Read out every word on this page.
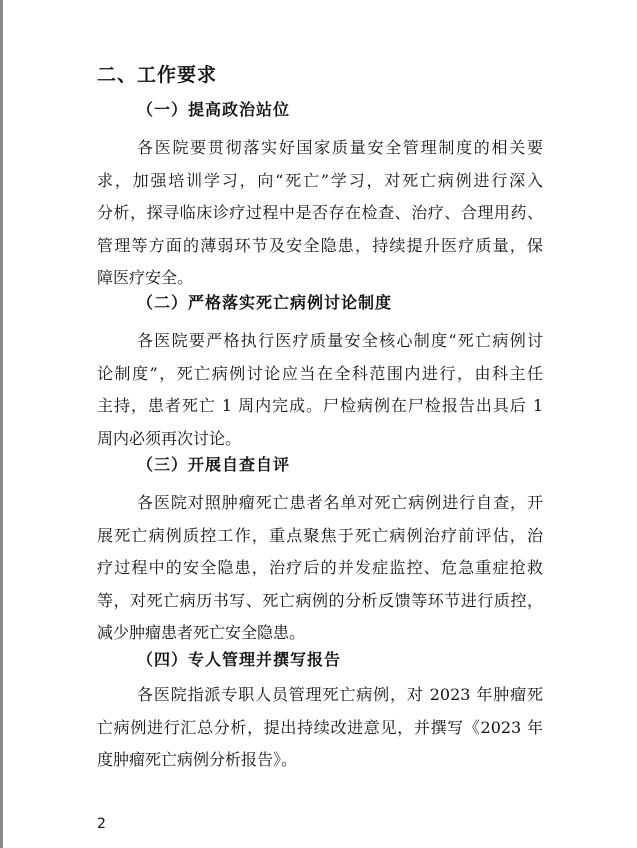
二、工作要求
（一）提高政治站位
各医院要贯彻落实好国家质量安全管理制度的相关要
求，加强培训学习，向“死亡”学习，对死亡病例进行深入
分析，探寻临床诊疗过程中是否存在检查、治疗、合理用药、
管理等方面的薄弱环节及安全隐患，持续提升医疗质量，保
障医疗安全。
（二）严格落实死亡病例讨论制度
各医院要严格执行医疗质量安全核心制度“死亡病例讨
论制度”，死亡病例讨论应当在全科范围内进行，由科主任
主持，患者死亡 1 周内完成。尸检病例在尸检报告出具后 1
周内必须再次讨论。
（三）开展自查自评
各医院对照肿瘤死亡患者名单对死亡病例进行自查，开
展死亡病例质控工作，重点聚焦于死亡病例治疗前评估，治
疗过程中的安全隐患，治疗后的并发症监控、危急重症抢救
等，对死亡病历书写、死亡病例的分析反馈等环节进行质控，
减少肿瘤患者死亡安全隐患。
（四）专人管理并撰写报告
各医院指派专职人员管理死亡病例，对 2023 年肿瘤死
亡病例进行汇总分析，提出持续改进意见，并撰写《2023 年
度肿瘤死亡病例分析报告》。
2
